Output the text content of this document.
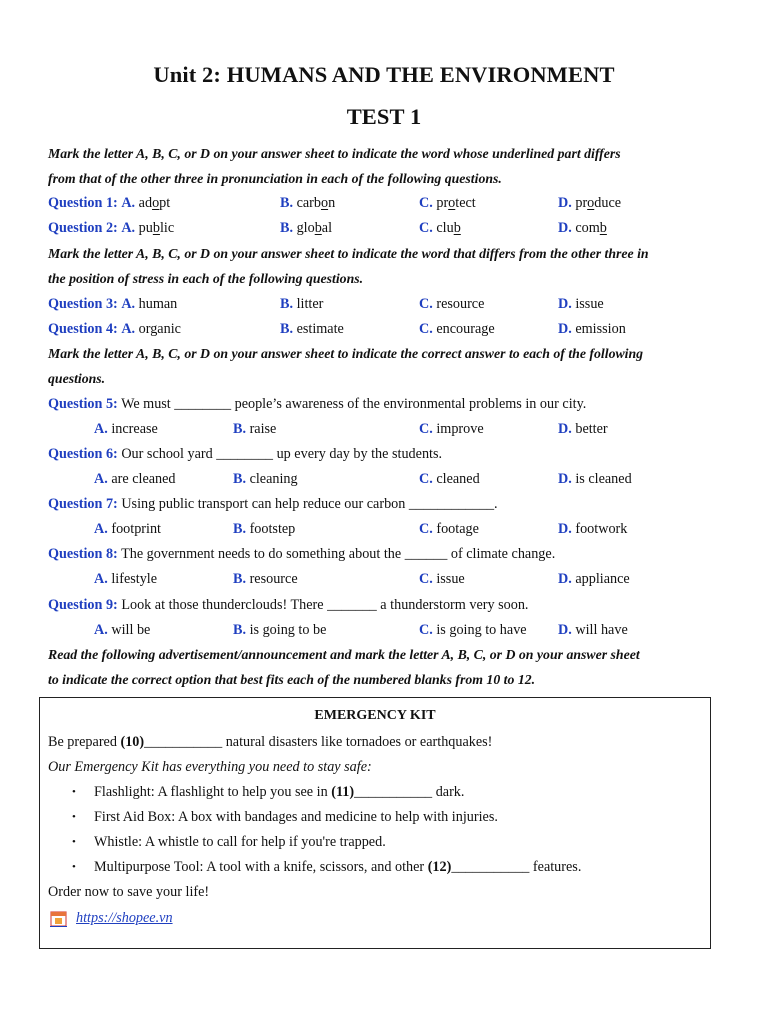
Unit 2: HUMANS AND THE ENVIRONMENT
TEST 1
Mark the letter A, B, C, or D on your answer sheet to indicate the word whose underlined part differs
from that of the other three in pronunciation in each of the following questions.
Question 1: A. adopt	B. carbon	C. protect	D. produce
Question 2: A. public	B. global	C. club	D. comb
Mark the letter A, B, C, or D on your answer sheet to indicate the word that differs from the other three in
the position of stress in each of the following questions.
Question 3: A. human	B. litter	C. resource	D. issue
Question 4: A. organic	B. estimate	C. encourage	D. emission
Mark the letter A, B, C, or D on your answer sheet to indicate the correct answer to each of the following
questions.
Question 5: We must ________ people’s awareness of the environmental problems in our city.
A. increase	B. raise	C. improve	D. better
Question 6: Our school yard ________ up every day by the students.
A. are cleaned	B. cleaning	C. cleaned	D. is cleaned
Question 7: Using public transport can help reduce our carbon ____________.
A. footprint	B. footstep	C. footage	D. footwork
Question 8: The government needs to do something about the ______ of climate change.
A. lifestyle	B. resource	C. issue	D. appliance
Question 9: Look at those thunderclouds! There _______ a thunderstorm very soon.
A. will be	B. is going to be	C. is going to have D. will have
Read the following advertisement/announcement and mark the letter A, B, C, or D on your answer sheet
to indicate the correct option that best fits each of the numbered blanks from 10 to 12.
EMERGENCY KIT
Be prepared (10)___________ natural disasters like tornadoes or earthquakes!
Our Emergency Kit has everything you need to stay safe:
• Flashlight: A flashlight to help you see in (11)___________ dark.
• First Aid Box: A box with bandages and medicine to help with injuries.
• Whistle: A whistle to call for help if you're trapped.
• Multipurpose Tool: A tool with a knife, scissors, and other (12)___________ features.
Order now to save your life!
https://shopee.vn
